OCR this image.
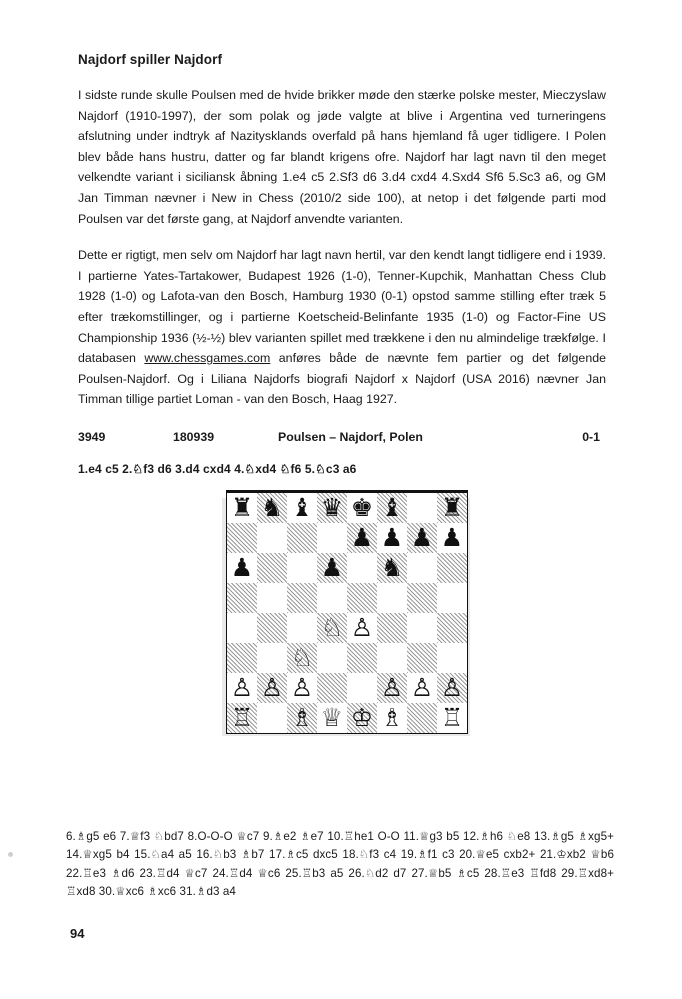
Najdorf spiller Najdorf

I sidste runde skulle Poulsen med de hvide brikker møde den stærke polske mester, Mieczyslaw Najdorf (1910-1997), der som polak og jøde valgte at blive i Argentina ved turneringens afslutning under indtryk af Nazitysklands overfald på hans hjemland få uger tidligere. I Polen blev både hans hustru, datter og far blandt krigens ofre. Najdorf har lagt navn til den meget velkendte variant i siciliansk åbning 1.e4 c5 2.Sf3 d6 3.d4 cxd4 4.Sxd4 Sf6 5.Sc3 a6, og GM Jan Timman nævner i New in Chess (2010/2 side 100), at netop i det følgende parti mod Poulsen var det første gang, at Najdorf anvendte varianten.

Dette er rigtigt, men selv om Najdorf har lagt navn hertil, var den kendt langt tidligere end i 1939. I partierne Yates-Tartakower, Budapest 1926 (1-0), Tenner-Kupchik, Manhattan Chess Club 1928 (1-0) og Lafota-van den Bosch, Hamburg 1930 (0-1) opstod samme stilling efter træk 5 efter trækomstillinger, og i partierne Koetscheid-Belinfante 1935 (1-0) og Factor-Fine US Championship 1936 (½-½) blev varianten spillet med trækkene i den nu almindelige trækfølge. I databasen www.chessgames.com anføres både de nævnte fem partier og det følgende Poulsen-Najdorf. Og i Liliana Najdorfs biografi Najdorf x Najdorf (USA 2016) nævner Jan Timman tillige partiet Loman - van den Bosch, Haag 1927.

3949	180939	Poulsen – Najdorf, Polen	0-1

1.e4 c5 2.♘f3 d6 3.d4 cxd4 4.♘xd4 ♘f6 5.♘c3 a6

♜	♞	♝	♛	♚	♝		♜
				♟	♟	♟	♟
♟			♟		♞		

			♘	♙			
		♘					
♙	♙	♙			♙	♙	♙
♖		♗	♕	♔	♗		♖

6.♗g5 e6 7.♕f3 ♘bd7 8.O-O-O ♕c7 9.♗e2 ♗e7 10.♖he1 O-O 11.♕g3 b5 12.♗h6 ♘e8 13.♗g5 ♗xg5+ 14.♕xg5 b4 15.♘a4 a5 16.♘b3 ♗b7 17.♗c5 dxc5 18.♘f3 c4 19.♗f1 c3 20.♕e5 cxb2+ 21.♔xb2 ♕b6 22.♖e3 ♗d6 23.♖d4 ♕c7 24.♖d4 ♕c6 25.♖b3 a5 26.♘d2 d7 27.♕b5 ♗c5 28.♖e3 ♖fd8 29.♖xd8+ ♖xd8 30.♕xc6 ♗xc6 31.♗d3 a4

94
